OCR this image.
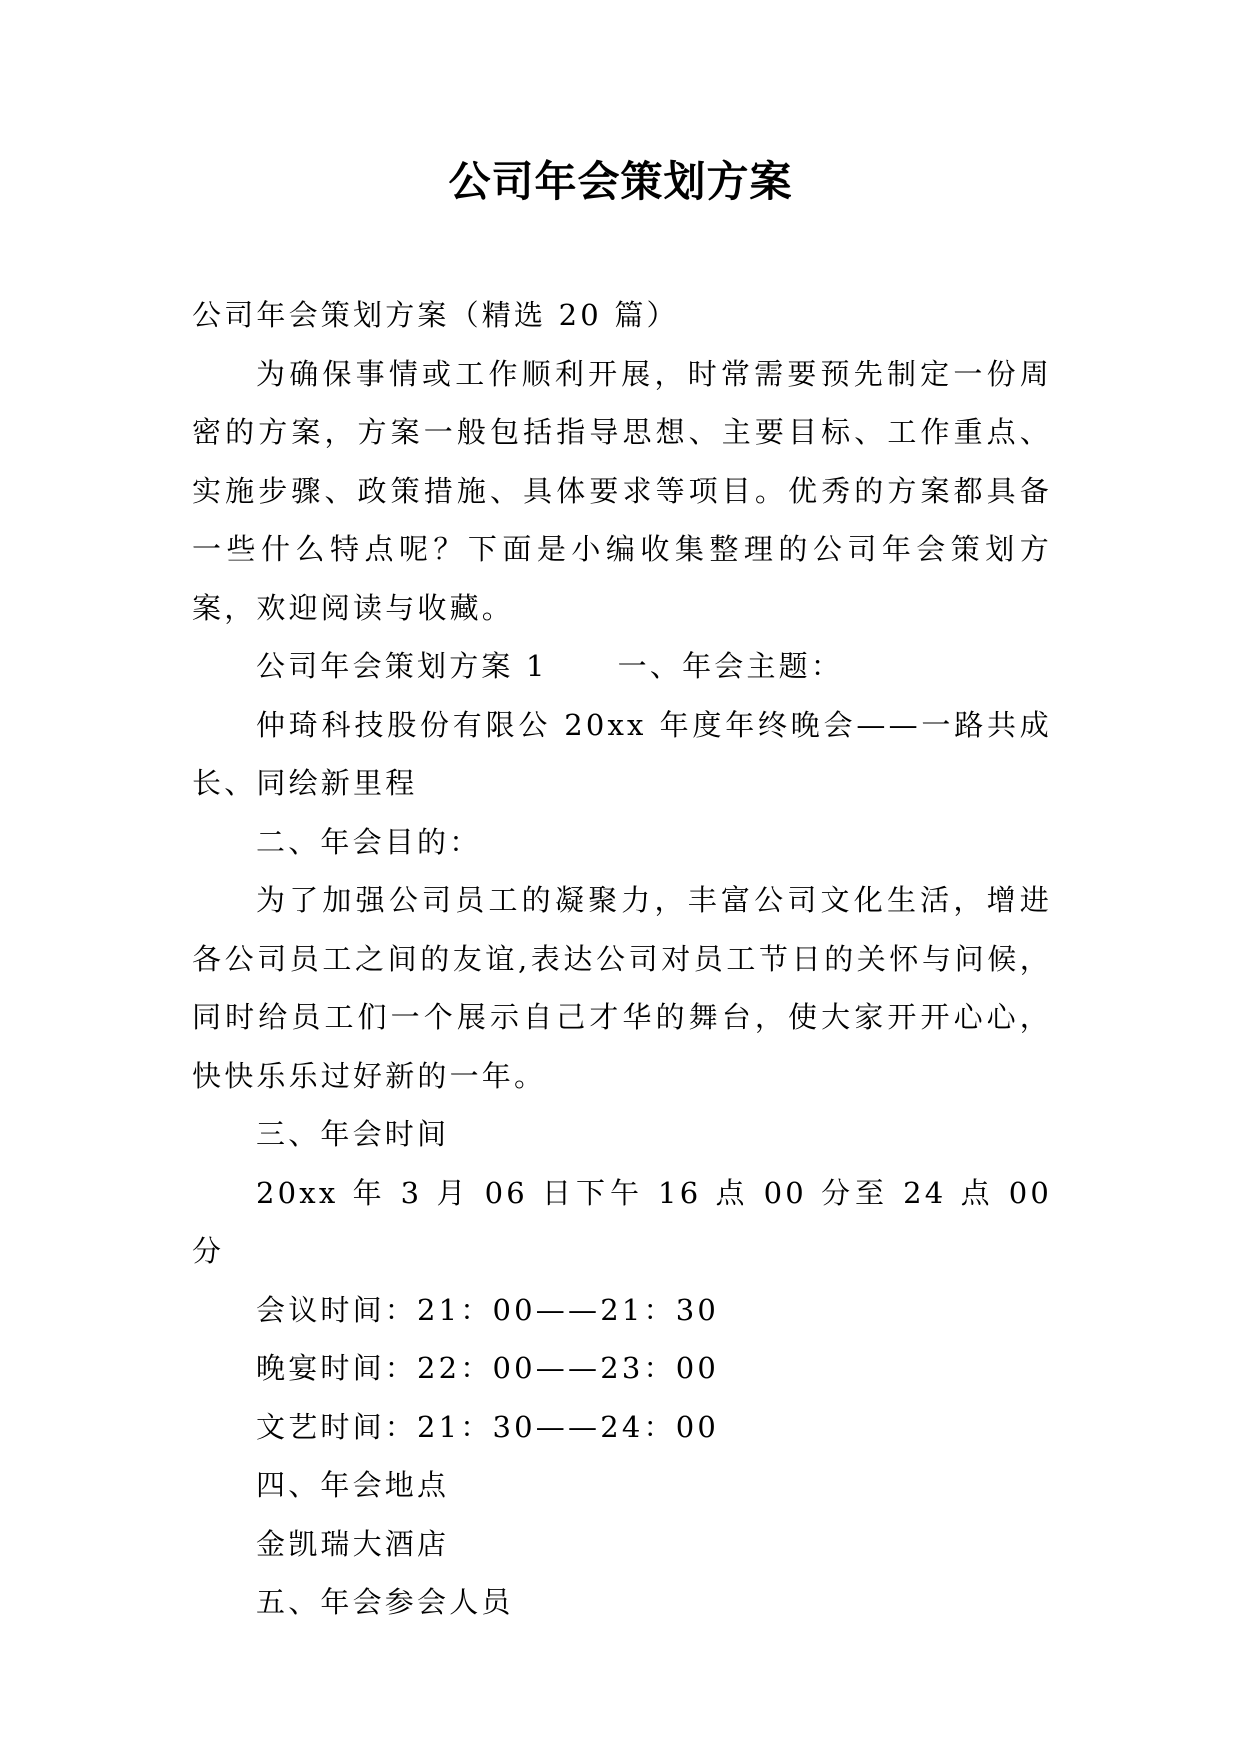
公司年会策划方案

公司年会策划方案（精选 20 篇）

为确保事情或工作顺利开展，时常需要预先制定一份周密的方案，方案一般包括指导思想、主要目标、工作重点、实施步骤、政策措施、具体要求等项目。优秀的方案都具备一些什么特点呢？下面是小编收集整理的公司年会策划方案，欢迎阅读与收藏。

公司年会策划方案 1 一、年会主题：

仲琦科技股份有限公 20xx 年度年终晚会——一路共成长、同绘新里程

二、年会目的：

为了加强公司员工的凝聚力，丰富公司文化生活，增进各公司员工之间的友谊,表达公司对员工节日的关怀与问候，同时给员工们一个展示自己才华的舞台，使大家开开心心，快快乐乐过好新的一年。

三、年会时间

20xx 年 3 月 06 日下午 16 点 00 分至 24 点 00 分

会议时间：21：00——21：30

晚宴时间：22：00——23：00

文艺时间：21：30——24：00

四、年会地点

金凯瑞大酒店

五、年会参会人员
